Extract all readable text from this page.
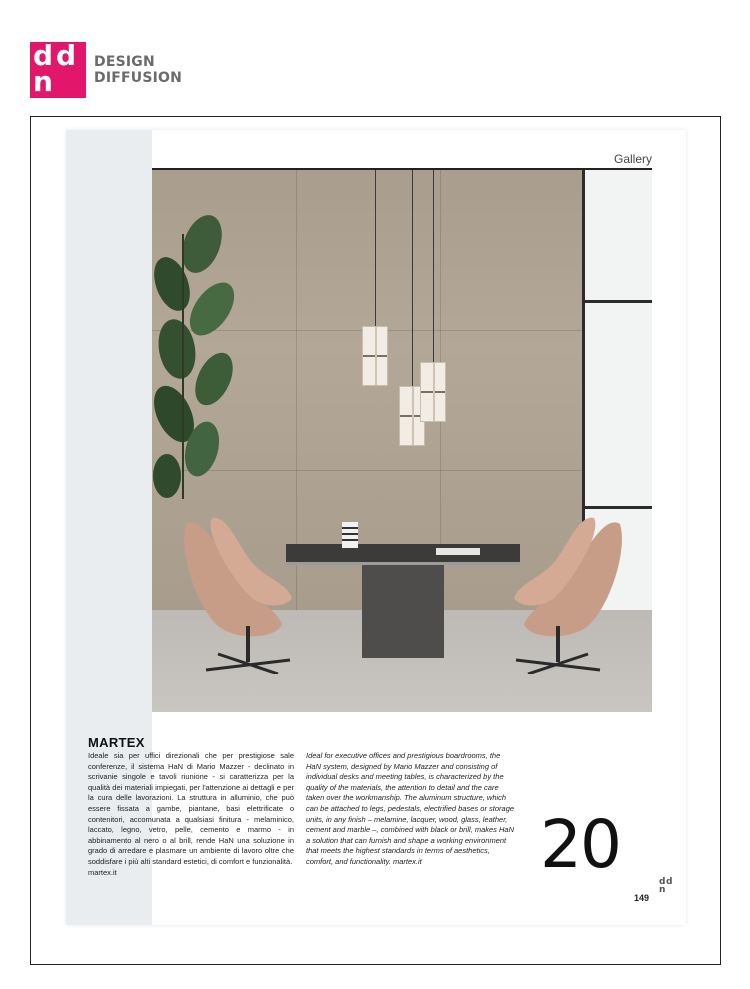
d d
n
DESIGN
DIFFUSION
Gallery
MARTEX
Ideale sia per uffici direzionali che per prestigiose sale conferenze, il sistema HaN di Mario Mazzer - declinato in scrivanie singole e tavoli riunione - si caratterizza per la qualità dei materiali impiegati, per l'attenzione ai dettagli e per la cura delle lavorazioni. La struttura in alluminio, che può essere fissata a gambe, piantane, basi elettrificate o contenitori, accomunata a qualsiasi finitura - melaminico, laccato, legno, vetro, pelle, cemento e marmo - in abbinamento al nero o al brill, rende HaN una soluzione in grado di arredare e plasmare un ambiente di lavoro oltre che soddisfare i più alti standard estetici, di comfort e funzionalità.
martex.it
Ideal for executive offices and prestigious boardrooms, the HaN system, designed by Mario Mazzer and consisting of individual desks and meeting tables, is characterized by the quality of the materials, the attention to detail and the care taken over the workmanship. The aluminum structure, which can be attached to legs, pedestals, electrified bases or storage units, in any finish – melamine, lacquer, wood, glass, leather, cement and marble –, combined with black or brill, makes HaN a solution that can furnish and shape a working environment that meets the highest standards in terms of aesthetics, comfort, and functionality. martex.it	20	d d
n
149
